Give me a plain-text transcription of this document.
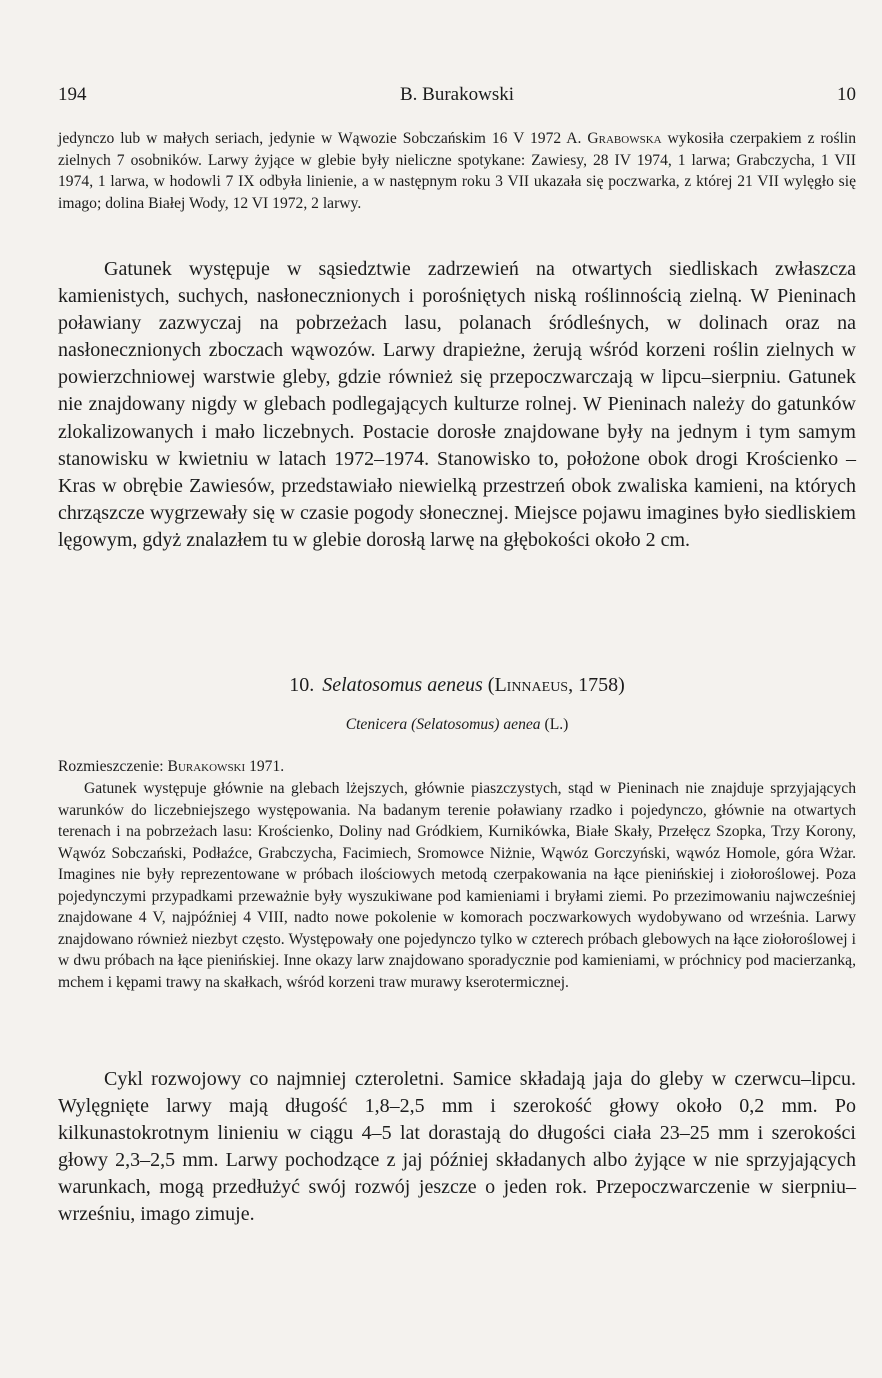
194	B. Burakowski	10

jedynczo lub w małych seriach, jedynie w Wąwozie Sobczańskim 16 V 1972 A. Grabowska wykosiła czerpakiem z roślin zielnych 7 osobników. Larwy żyjące w glebie były nieliczne spotykane: Zawiesy, 28 IV 1974, 1 larwa; Grabczycha, 1 VII 1974, 1 larwa, w hodowli 7 IX odbyła linienie, a w następnym roku 3 VII ukazała się poczwarka, z której 21 VII wylęgło się imago; dolina Białej Wody, 12 VI 1972, 2 larwy.

Gatunek występuje w sąsiedztwie zadrzewień na otwartych siedliskach zwłaszcza kamienistych, suchych, nasłonecznionych i porośniętych niską roślinnością zielną. W Pieninach poławiany zazwyczaj na pobrzeżach lasu, polanach śródleśnych, w dolinach oraz na nasłonecznionych zboczach wąwozów. Larwy drapieżne, żerują wśród korzeni roślin zielnych w powierzchniowej warstwie gleby, gdzie również się przepoczwarczają w lipcu–sierpniu. Gatunek nie znajdowany nigdy w glebach podlegających kulturze rolnej. W Pieninach należy do gatunków zlokalizowanych i mało liczebnych. Postacie dorosłe znajdowane były na jednym i tym samym stanowisku w kwietniu w latach 1972–1974. Stanowisko to, położone obok drogi Krościenko – Kras w obrębie Zawiesów, przedstawiało niewielką przestrzeń obok zwaliska kamieni, na których chrząszcze wygrzewały się w czasie pogody słonecznej. Miejsce pojawu imagines było siedliskiem lęgowym, gdyż znalazłem tu w glebie dorosłą larwę na głębokości około 2 cm.

10. Selatosomus aeneus (Linnaeus, 1758)
Ctenicera (Selatosomus) aenea (L.)

Rozmieszczenie: Burakowski 1971.

Gatunek występuje głównie na glebach lżejszych, głównie piaszczystych, stąd w Pieninach nie znajduje sprzyjających warunków do liczebniejszego występowania. Na badanym terenie poławiany rzadko i pojedynczo, głównie na otwartych terenach i na pobrzeżach lasu: Krościenko, Doliny nad Gródkiem, Kurnikówka, Białe Skały, Przełęcz Szopka, Trzy Korony, Wąwóz Sobczański, Podłaźce, Grabczycha, Facimiech, Sromowce Niżnie, Wąwóz Gorczyński, wąwóz Homole, góra Wżar. Imagines nie były reprezentowane w próbach ilościowych metodą czerpakowania na łące pienińskiej i ziołoroślowej. Poza pojedynczymi przypadkami przeważnie były wyszukiwane pod kamieniami i bryłami ziemi. Po przezimowaniu najwcześniej znajdowane 4 V, najpóźniej 4 VIII, nadto nowe pokolenie w komorach poczwarkowych wydobywano od września. Larwy znajdowano również niezbyt często. Występowały one pojedynczo tylko w czterech próbach glebowych na łące ziołoroślowej i w dwu próbach na łące pienińskiej. Inne okazy larw znajdowano sporadycznie pod kamieniami, w próchnicy pod macierzanką, mchem i kępami trawy na skałkach, wśród korzeni traw murawy kserotermicznej.

Cykl rozwojowy co najmniej czteroletni. Samice składają jaja do gleby w czerwcu–lipcu. Wylęgnięte larwy mają długość 1,8–2,5 mm i szerokość głowy około 0,2 mm. Po kilkunastokrotnym linieniu w ciągu 4–5 lat dorastają do długości ciała 23–25 mm i szerokości głowy 2,3–2,5 mm. Larwy pochodzące z jaj później składanych albo żyjące w nie sprzyjających warunkach, mogą przedłużyć swój rozwój jeszcze o jeden rok. Przepoczwarczenie w sierpniu–wrześniu, imago zimuje.
